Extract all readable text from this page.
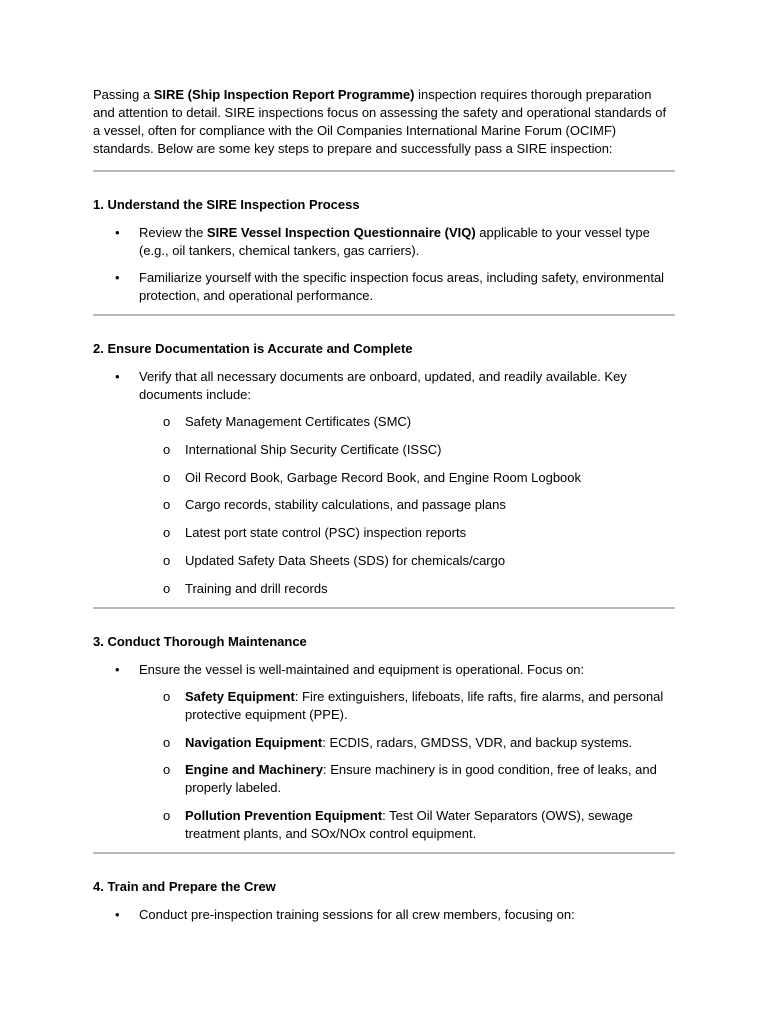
Passing a SIRE (Ship Inspection Report Programme) inspection requires thorough preparation and attention to detail. SIRE inspections focus on assessing the safety and operational standards of a vessel, often for compliance with the Oil Companies International Marine Forum (OCIMF) standards. Below are some key steps to prepare and successfully pass a SIRE inspection:

1. Understand the SIRE Inspection Process

• Review the SIRE Vessel Inspection Questionnaire (VIQ) applicable to your vessel type (e.g., oil tankers, chemical tankers, gas carriers).
• Familiarize yourself with the specific inspection focus areas, including safety, environmental protection, and operational performance.

2. Ensure Documentation is Accurate and Complete

• Verify that all necessary documents are onboard, updated, and readily available. Key documents include:
o Safety Management Certificates (SMC)
o International Ship Security Certificate (ISSC)
o Oil Record Book, Garbage Record Book, and Engine Room Logbook
o Cargo records, stability calculations, and passage plans
o Latest port state control (PSC) inspection reports
o Updated Safety Data Sheets (SDS) for chemicals/cargo
o Training and drill records

3. Conduct Thorough Maintenance

• Ensure the vessel is well-maintained and equipment is operational. Focus on:
o Safety Equipment: Fire extinguishers, lifeboats, life rafts, fire alarms, and personal protective equipment (PPE).
o Navigation Equipment: ECDIS, radars, GMDSS, VDR, and backup systems.
o Engine and Machinery: Ensure machinery is in good condition, free of leaks, and properly labeled.
o Pollution Prevention Equipment: Test Oil Water Separators (OWS), sewage treatment plants, and SOx/NOx control equipment.

4. Train and Prepare the Crew

• Conduct pre-inspection training sessions for all crew members, focusing on:
